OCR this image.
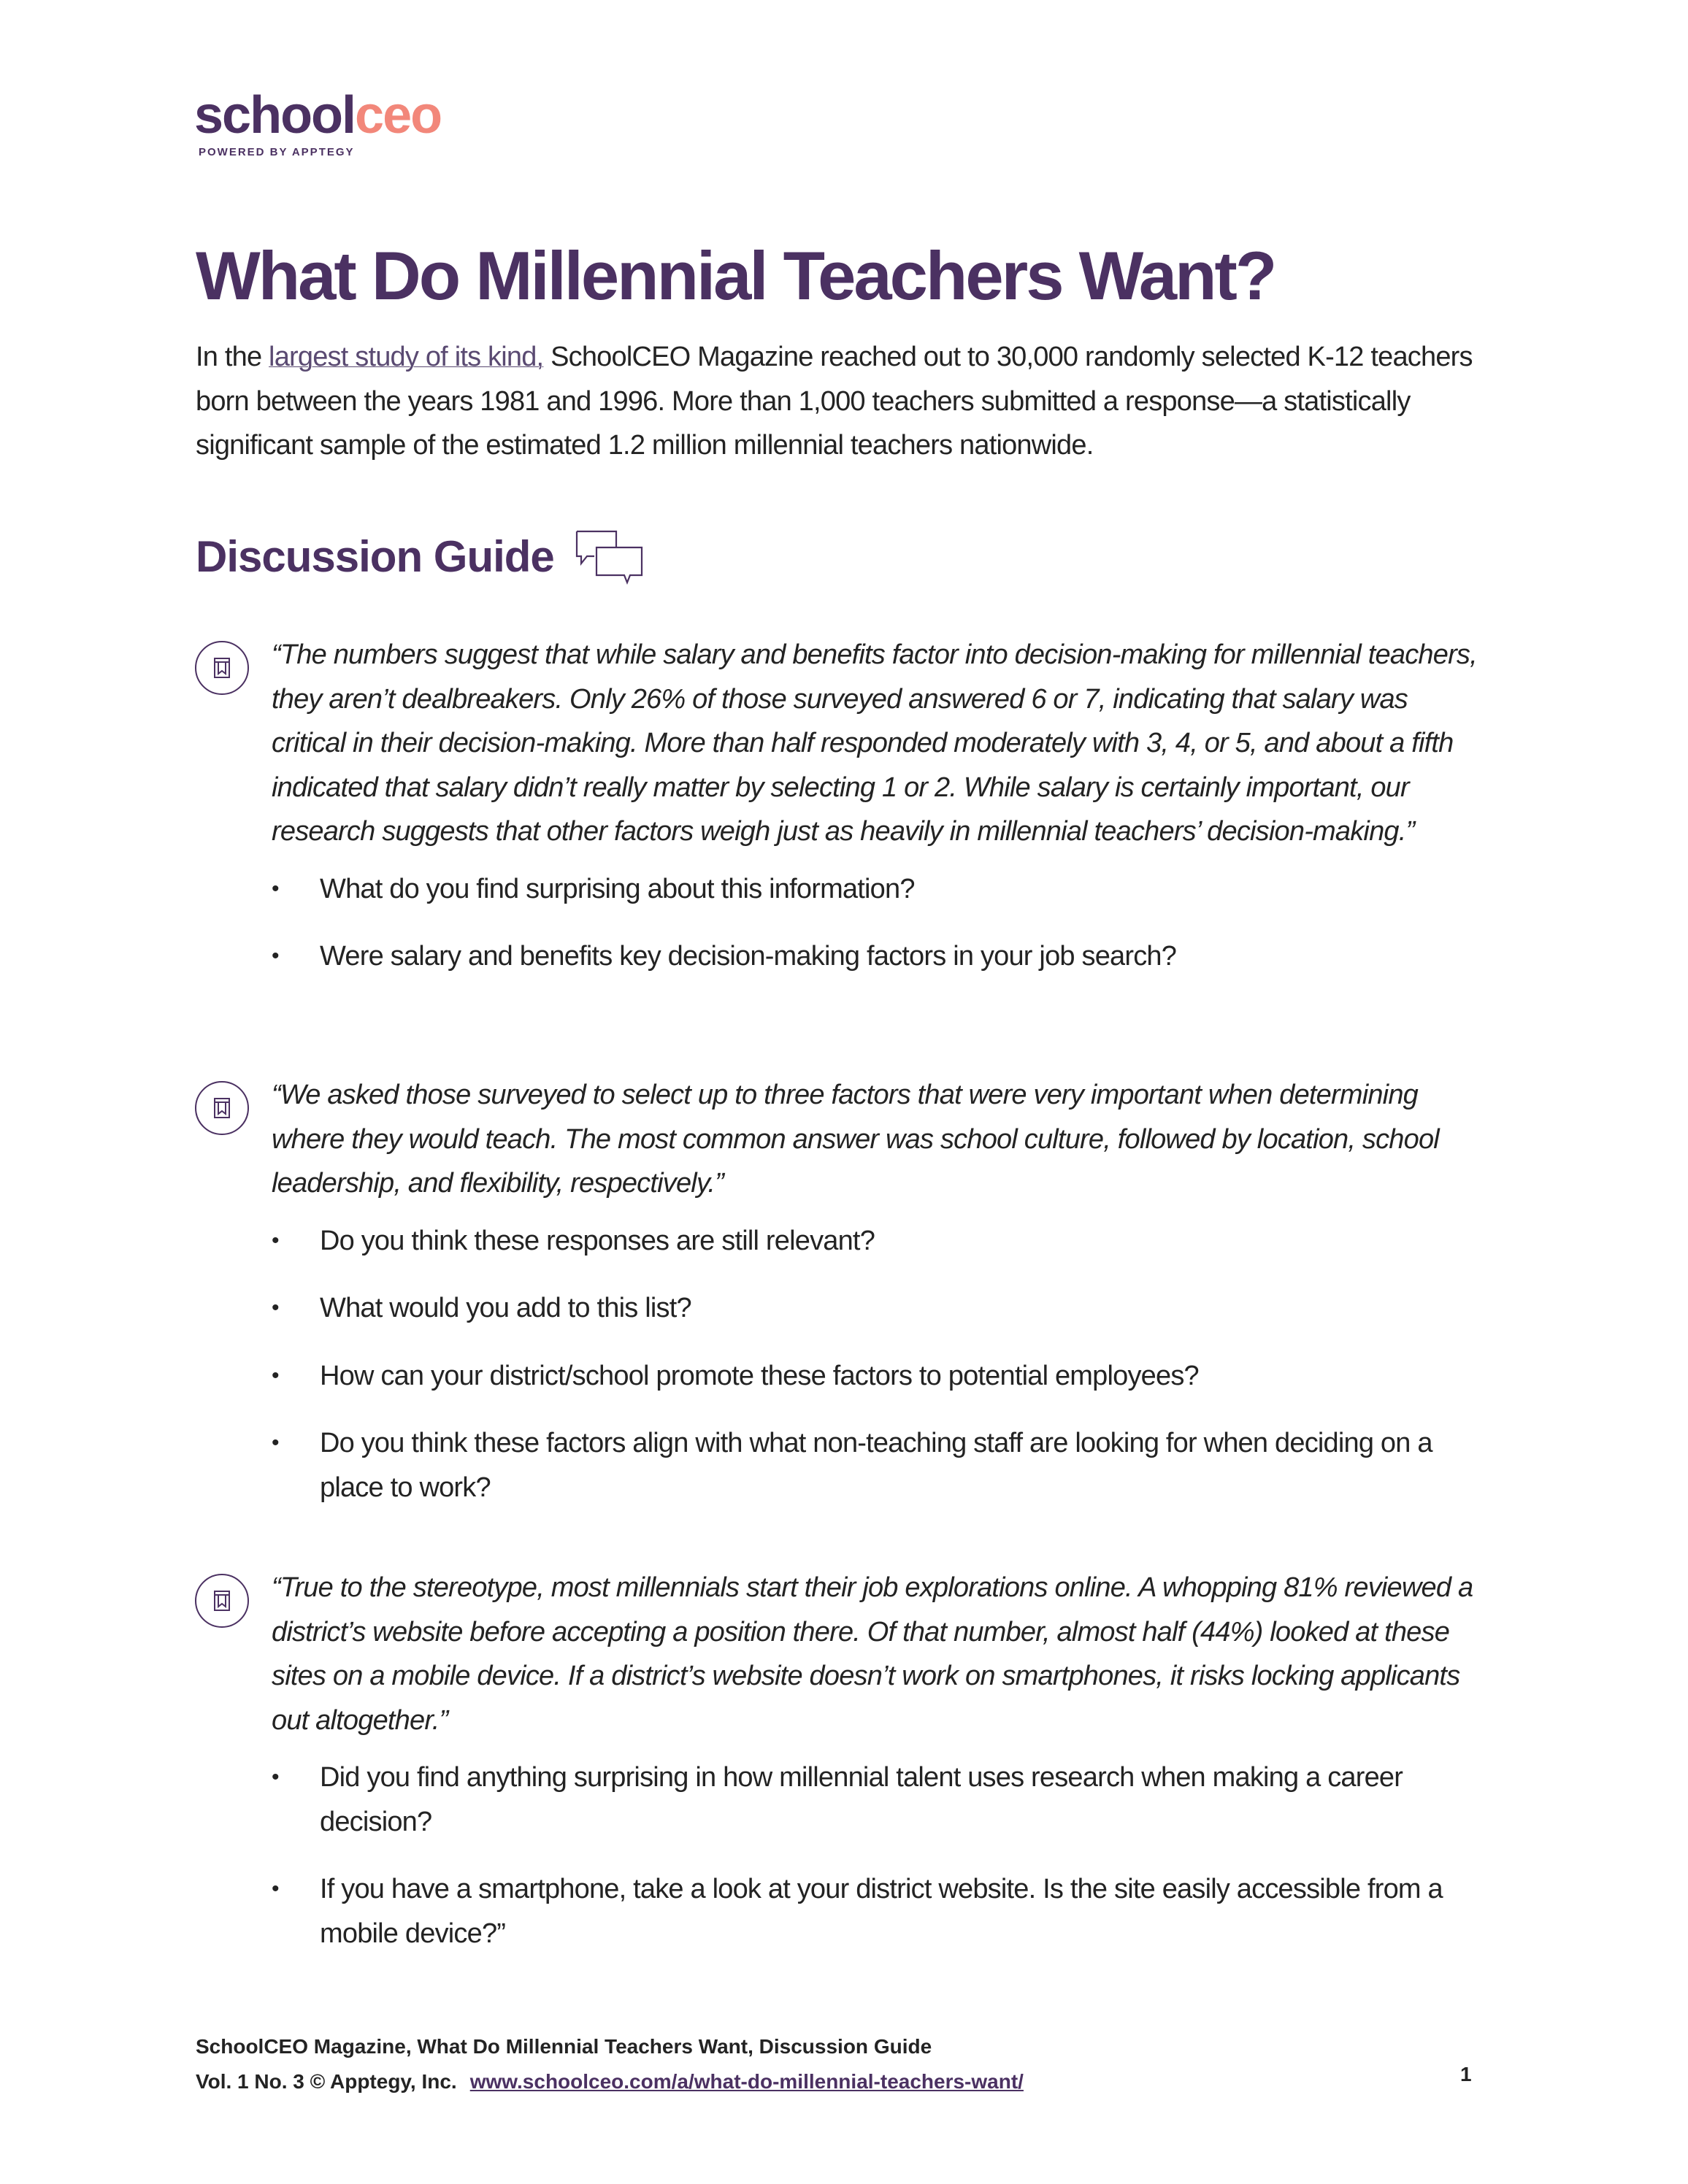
schoolceo
POWERED BY APPTEGY
What Do Millennial Teachers Want?
In the largest study of its kind, SchoolCEO Magazine reached out to 30,000 randomly selected K-12 teachers born between the years 1981 and 1996. More than 1,000 teachers submitted a response—a statistically significant sample of the estimated 1.2 million millennial teachers nationwide.
Discussion Guide
“The numbers suggest that while salary and benefits factor into decision-making for millennial teachers, they aren’t dealbreakers. Only 26% of those surveyed answered 6 or 7, indicating that salary was critical in their decision-making. More than half responded moderately with 3, 4, or 5, and about a fifth indicated that salary didn’t really matter by selecting 1 or 2. While salary is certainly important, our research suggests that other factors weigh just as heavily in millennial teachers’ decision-making.”
• What do you find surprising about this information?
• Were salary and benefits key decision-making factors in your job search?
“We asked those surveyed to select up to three factors that were very important when determining where they would teach. The most common answer was school culture, followed by location, school leadership, and flexibility, respectively.”
• Do you think these responses are still relevant?
• What would you add to this list?
• How can your district/school promote these factors to potential employees?
• Do you think these factors align with what non-teaching staff are looking for when deciding on a place to work?
“True to the stereotype, most millennials start their job explorations online. A whopping 81% reviewed a district’s website before accepting a position there. Of that number, almost half (44%) looked at these sites on a mobile device. If a district’s website doesn’t work on smartphones, it risks locking applicants out altogether.”
• Did you find anything surprising in how millennial talent uses research when making a career decision?
• If you have a smartphone, take a look at your district website. Is the site easily accessible from a mobile device?”
SchoolCEO Magazine, What Do Millennial Teachers Want, Discussion Guide
Vol. 1 No. 3 © Apptegy, Inc. www.schoolceo.com/a/what-do-millennial-teachers-want/	1
